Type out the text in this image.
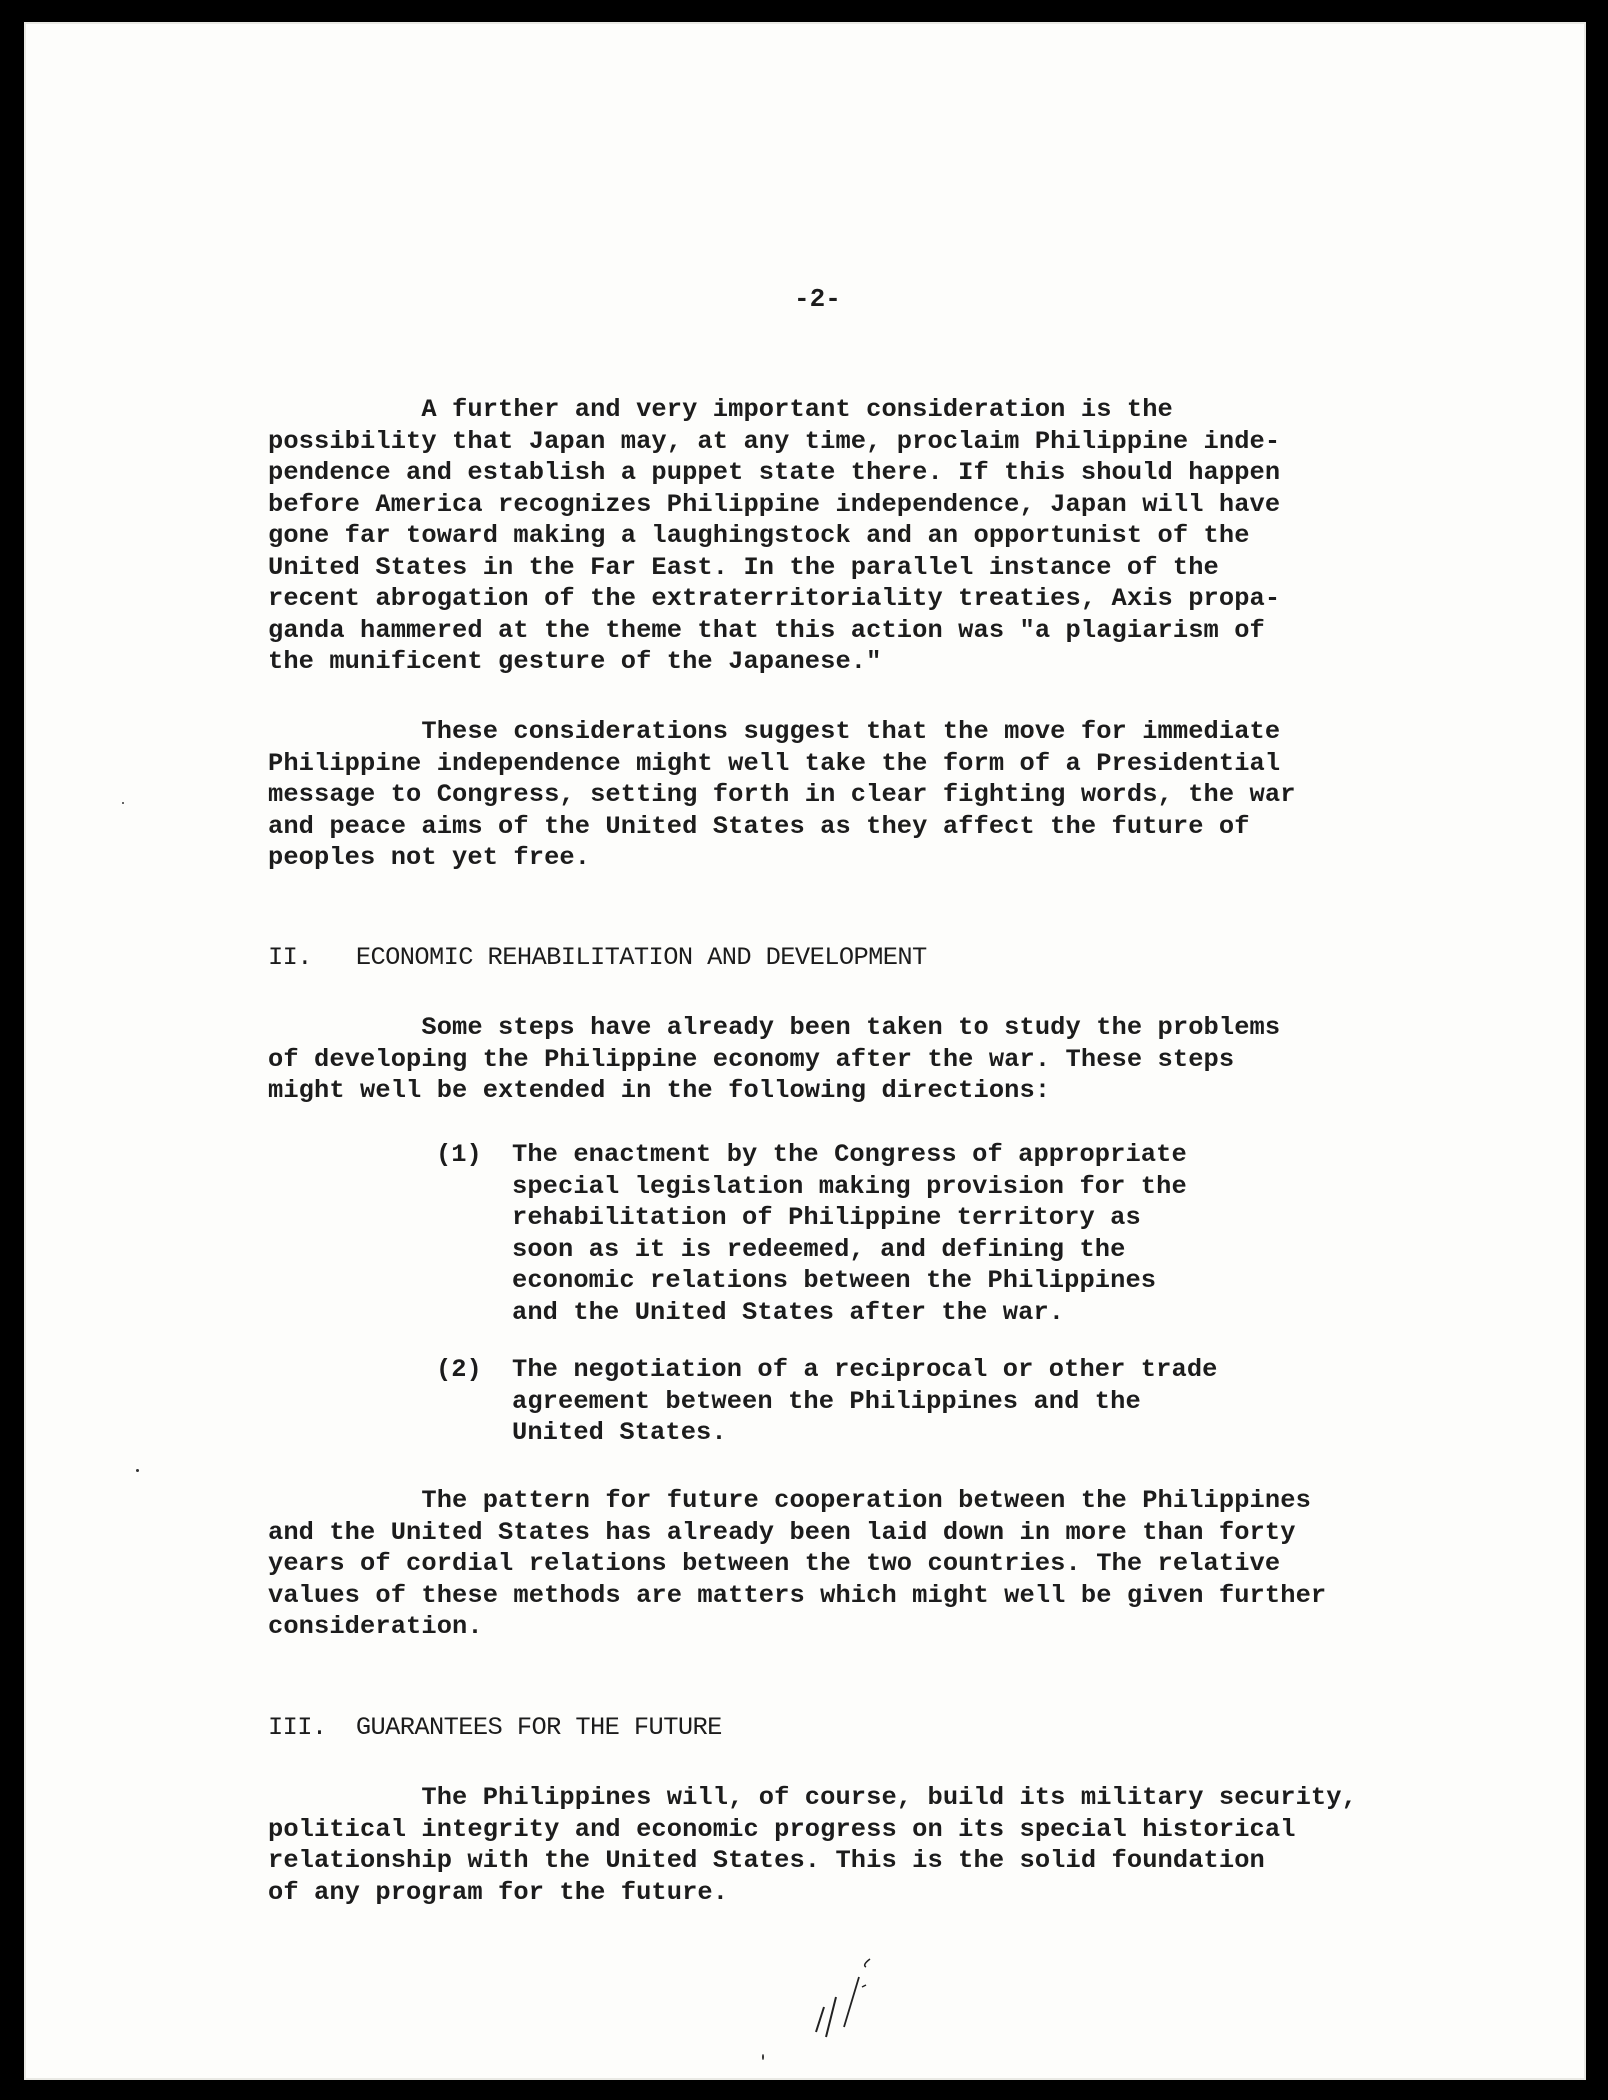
-2-

A further and very important consideration is the
possibility that Japan may, at any time, proclaim Philippine inde-
pendence and establish a puppet state there. If this should happen
before America recognizes Philippine independence, Japan will have
gone far toward making a laughingstock and an opportunist of the
United States in the Far East. In the parallel instance of the
recent abrogation of the extraterritoriality treaties, Axis propa-
ganda hammered at the theme that this action was "a plagiarism of
the munificent gesture of the Japanese."

These considerations suggest that the move for immediate
Philippine independence might well take the form of a Presidential
message to Congress, setting forth in clear fighting words, the war
and peace aims of the United States as they affect the future of
peoples not yet free.

II.   ECONOMIC REHABILITATION AND DEVELOPMENT

Some steps have already been taken to study the problems
of developing the Philippine economy after the war. These steps
might well be extended in the following directions:

(1) The enactment by the Congress of appropriate
special legislation making provision for the
rehabilitation of Philippine territory as
soon as it is redeemed, and defining the
economic relations between the Philippines
and the United States after the war.

(2) The negotiation of a reciprocal or other trade
agreement between the Philippines and the
United States.

The pattern for future cooperation between the Philippines
and the United States has already been laid down in more than forty
years of cordial relations between the two countries. The relative
values of these methods are matters which might well be given further
consideration.

III.  GUARANTEES FOR THE FUTURE

The Philippines will, of course, build its military security,
political integrity and economic progress on its special historical
relationship with the United States. This is the solid foundation
of any program for the future.
